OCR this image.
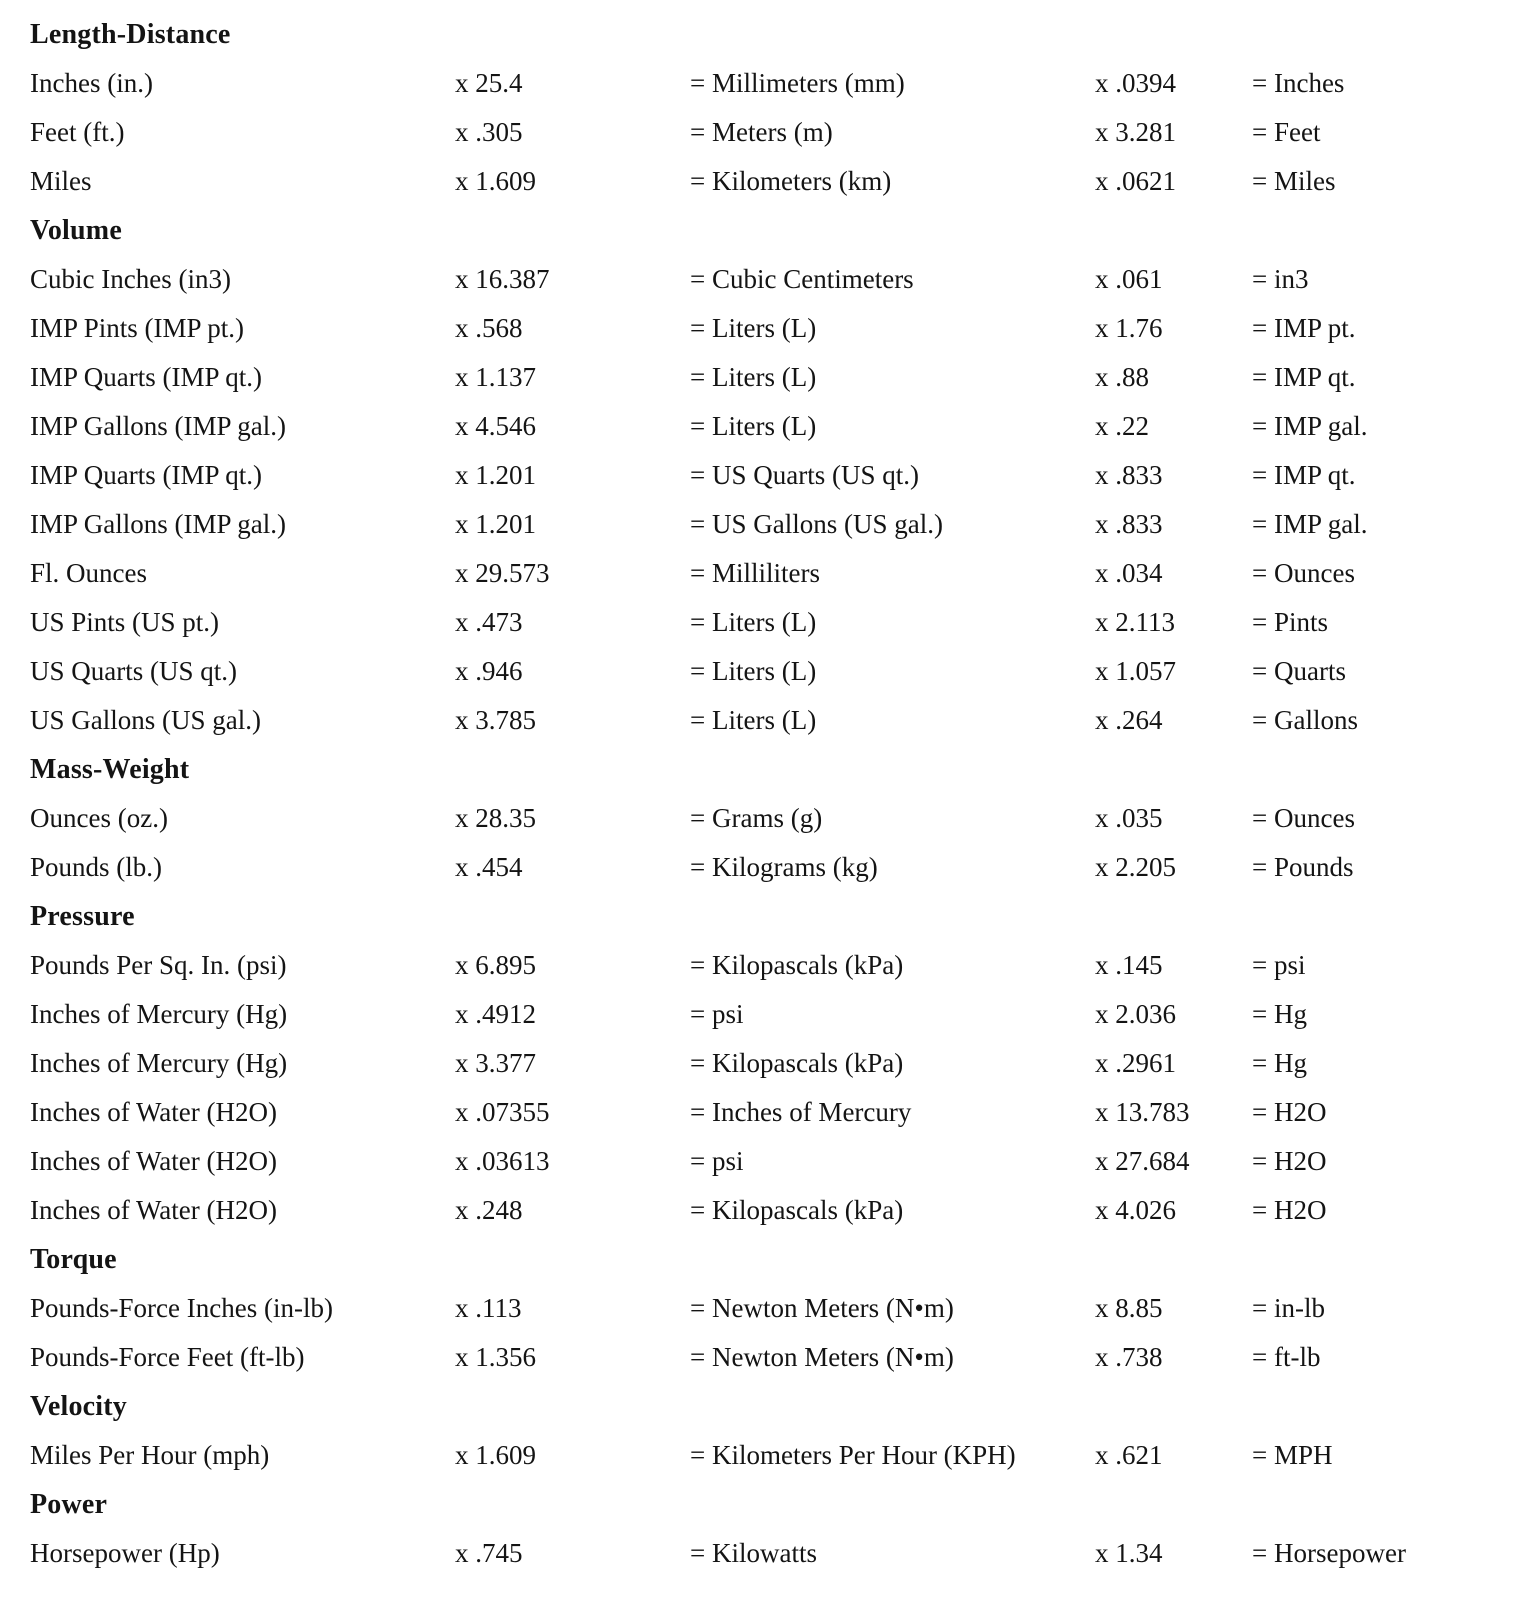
Length-Distance
Inches (in.)	x 25.4	= Millimeters (mm)	x .0394	= Inches
Feet (ft.)	x .305	= Meters (m)	x 3.281	= Feet
Miles	x 1.609	= Kilometers (km)	x .0621	= Miles
Volume
Cubic Inches (in3)	x 16.387	= Cubic Centimeters	x .061	= in3
IMP Pints (IMP pt.)	x .568	= Liters (L)	x 1.76	= IMP pt.
IMP Quarts (IMP qt.)	x 1.137	= Liters (L)	x .88	= IMP qt.
IMP Gallons (IMP gal.)	x 4.546	= Liters (L)	x .22	= IMP gal.
IMP Quarts (IMP qt.)	x 1.201	= US Quarts (US qt.)	x .833	= IMP qt.
IMP Gallons (IMP gal.)	x 1.201	= US Gallons (US gal.)	x .833	= IMP gal.
Fl. Ounces	x 29.573	= Milliliters	x .034	= Ounces
US Pints (US pt.)	x .473	= Liters (L)	x 2.113	= Pints
US Quarts (US qt.)	x .946	= Liters (L)	x 1.057	= Quarts
US Gallons (US gal.)	x 3.785	= Liters (L)	x .264	= Gallons
Mass-Weight
Ounces (oz.)	x 28.35	= Grams (g)	x .035	= Ounces
Pounds (lb.)	x .454	= Kilograms (kg)	x 2.205	= Pounds
Pressure
Pounds Per Sq. In. (psi)	x 6.895	= Kilopascals (kPa)	x .145	= psi
Inches of Mercury (Hg)	x .4912	= psi	x 2.036	= Hg
Inches of Mercury (Hg)	x 3.377	= Kilopascals (kPa)	x .2961	= Hg
Inches of Water (H2O)	x .07355	= Inches of Mercury	x 13.783	= H2O
Inches of Water (H2O)	x .03613	= psi	x 27.684	= H2O
Inches of Water (H2O)	x .248	= Kilopascals (kPa)	x 4.026	= H2O
Torque
Pounds-Force Inches (in-lb)	x .113	= Newton Meters (N•m)	x 8.85	= in-lb
Pounds-Force Feet (ft-lb)	x 1.356	= Newton Meters (N•m)	x .738	= ft-lb
Velocity
Miles Per Hour (mph)	x 1.609	= Kilometers Per Hour (KPH)	x .621	= MPH
Power
Horsepower (Hp)	x .745	= Kilowatts	x 1.34	= Horsepower
